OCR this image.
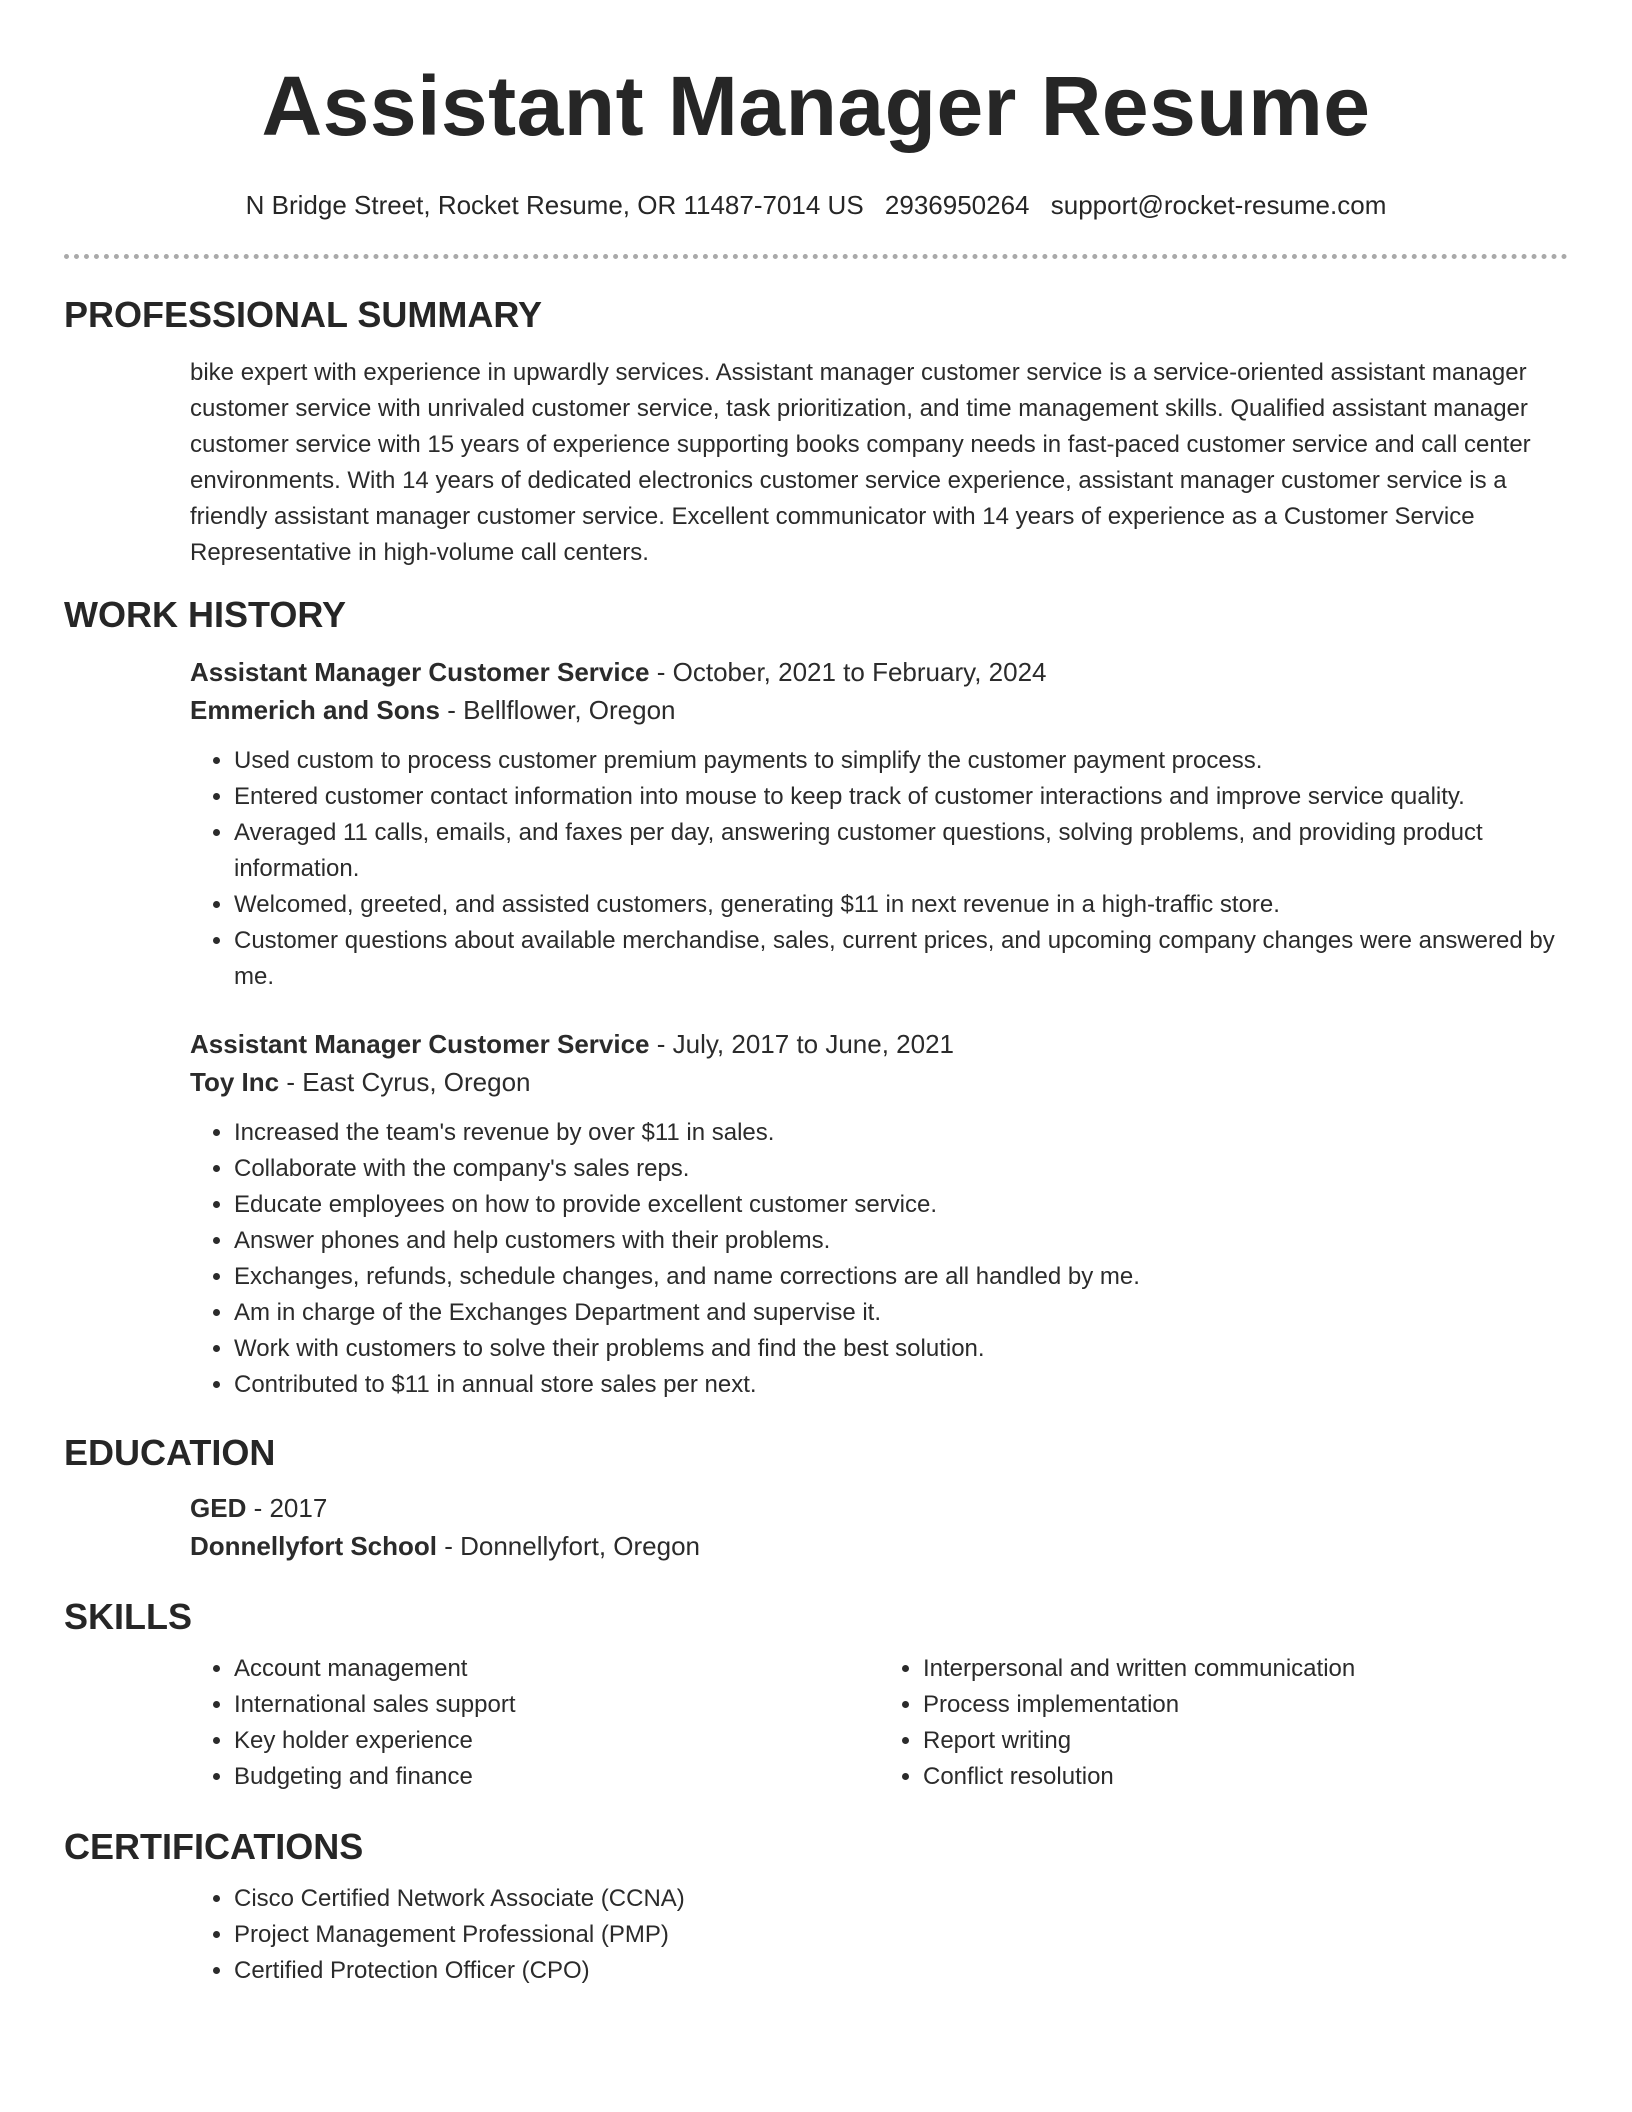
Assistant Manager Resume
N Bridge Street, Rocket Resume, OR 11487-7014 US 2936950264 support@rocket-resume.com
PROFESSIONAL SUMMARY

bike expert with experience in upwardly services. Assistant manager customer service is a service-oriented assistant manager customer service with unrivaled customer service, task prioritization, and time management skills. Qualified assistant manager customer service with 15 years of experience supporting books company needs in fast-paced customer service and call center environments. With 14 years of dedicated electronics customer service experience, assistant manager customer service is a friendly assistant manager customer service. Excellent communicator with 14 years of experience as a Customer Service Representative in high-volume call centers.

WORK HISTORY

Assistant Manager Customer Service - October, 2021 to February, 2024

Emmerich and Sons - Bellflower, Oregon

• Used custom to process customer premium payments to simplify the customer payment process.
• Entered customer contact information into mouse to keep track of customer interactions and improve service quality.
• Averaged 11 calls, emails, and faxes per day, answering customer questions, solving problems, and providing product information.
• Welcomed, greeted, and assisted customers, generating $11 in next revenue in a high-traffic store.
• Customer questions about available merchandise, sales, current prices, and upcoming company changes were answered by me.

Assistant Manager Customer Service - July, 2017 to June, 2021

Toy Inc - East Cyrus, Oregon

• Increased the team's revenue by over $11 in sales.
• Collaborate with the company's sales reps.
• Educate employees on how to provide excellent customer service.
• Answer phones and help customers with their problems.
• Exchanges, refunds, schedule changes, and name corrections are all handled by me.
• Am in charge of the Exchanges Department and supervise it.
• Work with customers to solve their problems and find the best solution.
• Contributed to $11 in annual store sales per next.
EDUCATION

GED - 2017

Donnellyfort School - Donnellyfort, Oregon

SKILLS
• Account management
• International sales support
• Key holder experience
• Budgeting and finance
• Interpersonal and written communication
• Process implementation
• Report writing
• Conflict resolution
CERTIFICATIONS
• Cisco Certified Network Associate (CCNA)
• Project Management Professional (PMP)
• Certified Protection Officer (CPO)
